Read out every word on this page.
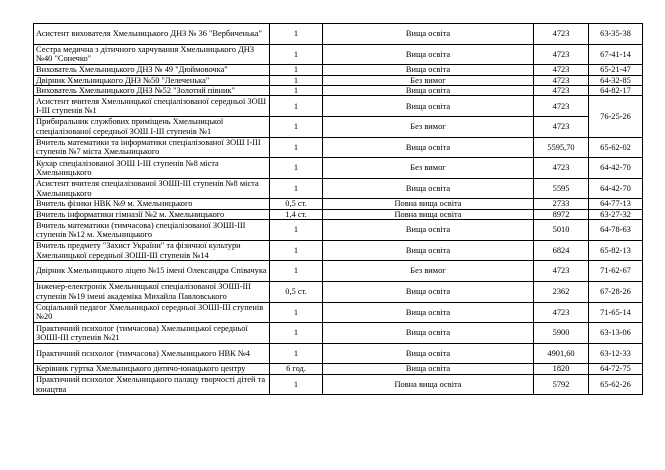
Асистент вихователя Хмельницького ДНЗ № 36 "Вербиченька"	1	Вища освіта	4723	63-35-38
Сестра медична з дітичного харчування Хмельницького ДНЗ №40 "Сонечко"	1	Вища освіта	4723	67-41-14
Вихователь Хмельницького ДНЗ № 49 "Дюймовочка"	1	Вища освіта	4723	65-21-47
Двірник Хмельницького ДНЗ №50 "Лелеченька"	1	Без вимог	4723	64-32-85
Вихователь Хмельницького ДНЗ №52 "Золотий півник"	1	Вища освіта	4723	64-82-17
Асистент вчителя Хмельницької спеціалізованої середньої ЗОШ І-ІІІ ступенів №1	1	Вища освіта	4723	76-25-26
Прибиральник службових приміщень Хмельницької спеціалізованої середньої ЗОШ І-ІІІ ступенів №1	1	Без вимог	4723	
Вчитель математики та інформатики спеціалізованої ЗОШ І-ІІІ ступенів №7 міста Хмельницького	1	Вища освіта	5595,70	65-62-02
Кухар спеціалізованої ЗОШ І-ІІІ ступенів №8 міста Хмельницького	1	Без вимог	4723	64-42-70
Асистент вчителя спеціалізованої ЗОШІ-ІІІ ступенів №8 міста Хмельницького	1	Вища освіта	5595	64-42-70
Вчитель фізики НВК №9 м. Хмельницького	0,5 ст.	Повна вища освіта	2733	64-77-13
Вчитель інформатики гімназії №2 м. Хмельницького	1,4 ст.	Повна вища освіта	8972	63-27-32
Вчитель математики (тимчасова) спеціалізованої ЗОШІ-ІІІ ступенів №12 м. Хмельницького	1	Вища освіта	5010	64-78-63
Вчитель предмету "Захист України" та фізичної культури Хмельницької середньої ЗОШІ-ІІІ ступенів №14	1	Вища освіта	6824	65-82-13
Двірник Хмельницького ліцею №15 імені Олександра Співачука	1	Без вимог	4723	71-62-67
Інженер-електронік Хмельницької спеціалізованої ЗОШІ-ІІІ ступенів №19 імені академіка Михайла Павловського	0,5 ст.	Вища освіта	2362	67-28-26
Соціальний педагог Хмельницької середньої ЗОШІ-ІІІ ступенів №20	1	Вища освіта	4723	71-65-14
Практичний психолог (тимчасова) Хмельницької середньої ЗОШІ-ІІІ ступенів №21	1	Вища освіта	5900	63-13-06
Практичний психолог (тимчасова) Хмельницького НВК №4	1	Вища освіта	4901,60	63-12-33
Керівник гуртка Хмельницького дитячо-юнацького центру	6 год.	Вища освіта	1820	64-72-75
Практичний психолог Хмельницького палацу творчості дітей та юнацтва	1	Повна вища освіта	5792	65-62-26
